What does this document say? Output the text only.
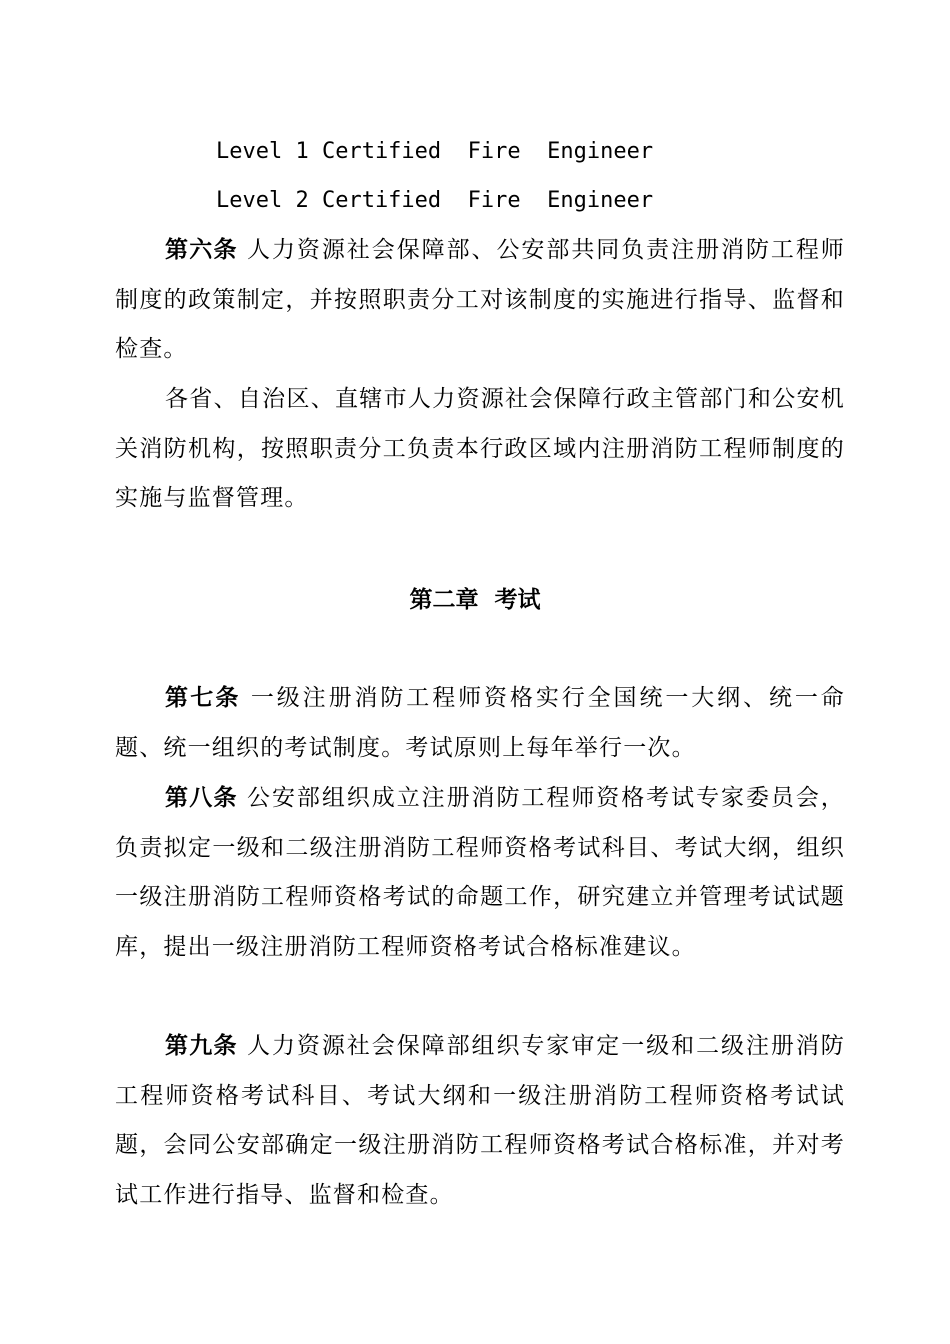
Level 1 Certified  Fire  Engineer
Level 2 Certified  Fire  Engineer

第六条 人力资源社会保障部、公安部共同负责注册消防工程师制度的政策制定，并按照职责分工对该制度的实施进行指导、监督和检查。

各省、自治区、直辖市人力资源社会保障行政主管部门和公安机关消防机构，按照职责分工负责本行政区域内注册消防工程师制度的实施与监督管理。

第二章  考试

第七条 一级注册消防工程师资格实行全国统一大纲、统一命题、统一组织的考试制度。考试原则上每年举行一次。

第八条 公安部组织成立注册消防工程师资格考试专家委员会，负责拟定一级和二级注册消防工程师资格考试科目、考试大纲，组织一级注册消防工程师资格考试的命题工作，研究建立并管理考试试题库，提出一级注册消防工程师资格考试合格标准建议。

第九条 人力资源社会保障部组织专家审定一级和二级注册消防工程师资格考试科目、考试大纲和一级注册消防工程师资格考试试题，会同公安部确定一级注册消防工程师资格考试合格标准，并对考试工作进行指导、监督和检查。
